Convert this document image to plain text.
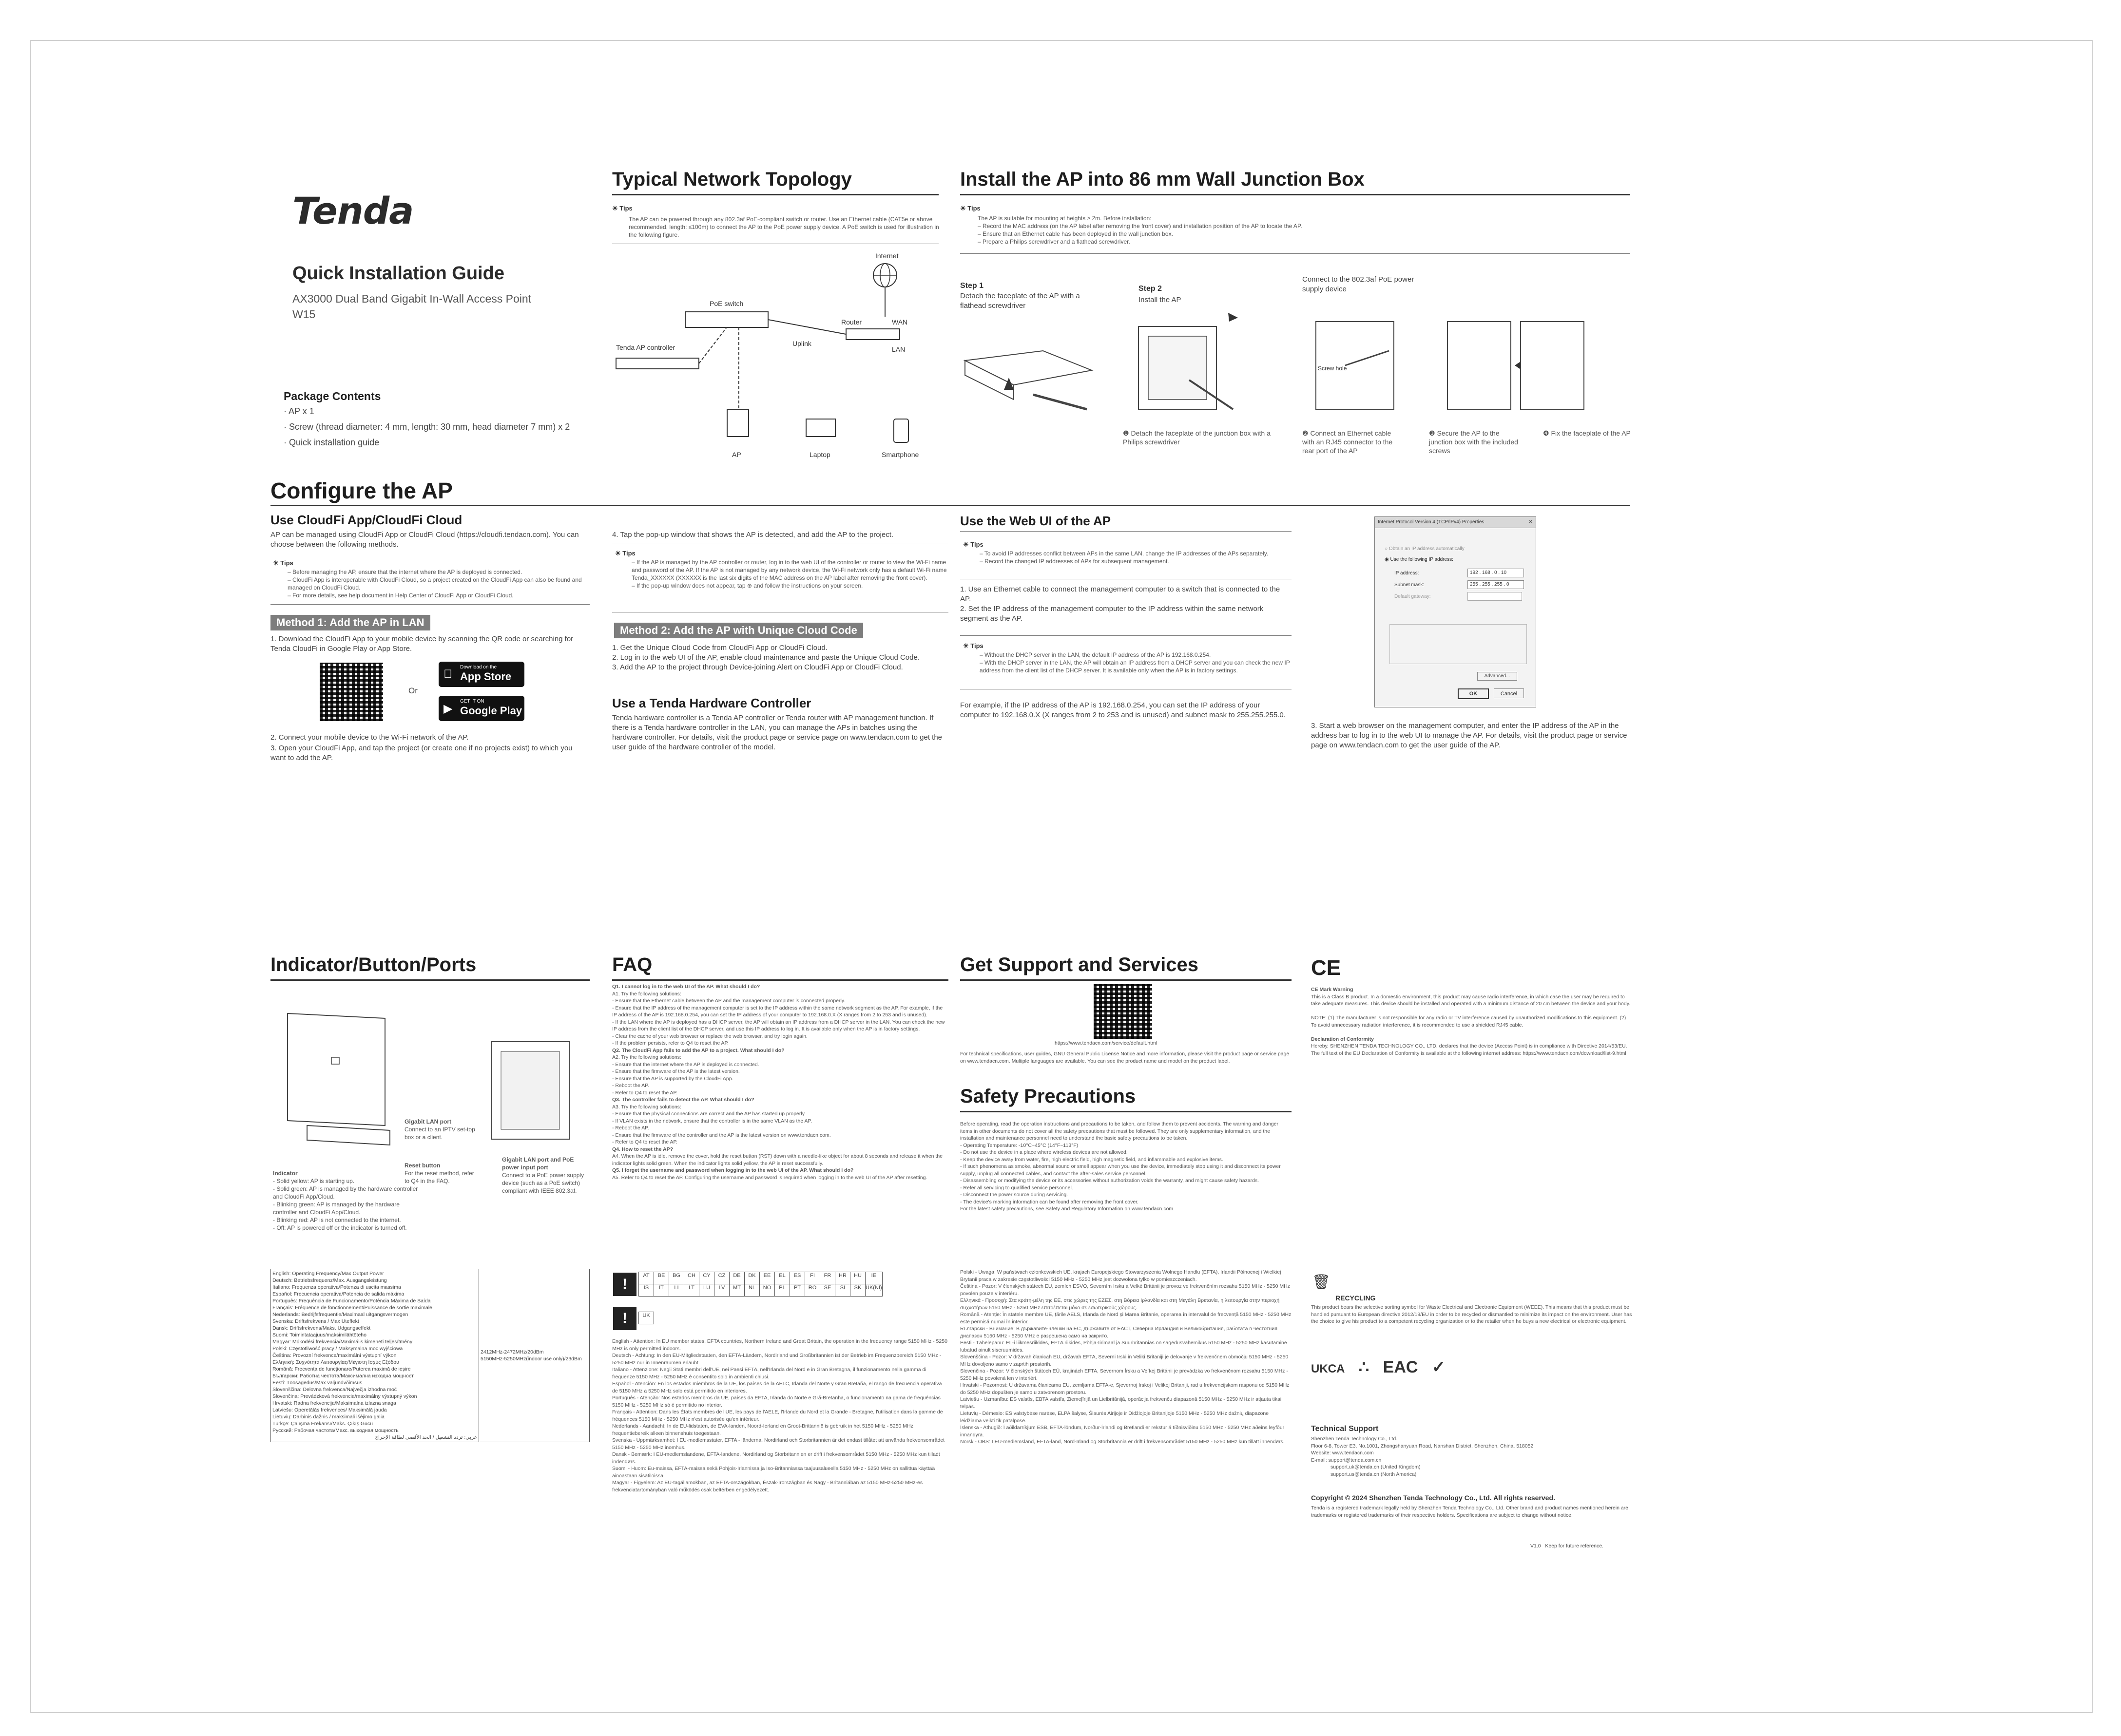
Tenda
Quick Installation Guide
AX3000 Dual Band Gigabit In-Wall Access Point
W15
Package Contents
· AP x 1
· Screw (thread diameter: 4 mm, length: 30 mm, head diameter 7 mm) x 2
· Quick installation guide
Typical Network Topology
☀ Tips
The AP can be powered through any 802.3af PoE-compliant switch or router. Use an Ethernet cable (CAT5e or above recommended, length: ≤100m) to connect the AP to the PoE power supply device. A PoE switch is used for illustration in the following figure.
Internet
PoE switch
Router	WAN
LAN
Uplink
Tenda AP controller
AP	Laptop	Smartphone
Install the AP into 86 mm Wall Junction Box
☀ Tips
The AP is suitable for mounting at heights ≥ 2m. Before installation:
– Record the MAC address (on the AP label after removing the front cover) and installation position of the AP to locate the AP.
– Ensure that an Ethernet cable has been deployed in the wall junction box.
– Prepare a Philips screwdriver and a flathead screwdriver.
Step 1
Detach the faceplate of the AP with a flathead screwdriver
Step 2
Install the AP
Connect to the 802.3af PoE power supply device
Screw hole
❶ Detach the faceplate of the junction box with a Philips screwdriver
❷ Connect an Ethernet cable with an RJ45 connector to the rear port of the AP
❸ Secure the AP to the junction box with the included screws
❹ Fix the faceplate of the AP
Configure the AP
Use CloudFi App/CloudFi Cloud
AP can be managed using CloudFi App or CloudFi Cloud (https://cloudfi.tendacn.com). You can choose between the following methods.
☀ Tips
– Before managing the AP, ensure that the internet where the AP is deployed is connected.
– CloudFi App is interoperable with CloudFi Cloud, so a project created on the CloudFi App can also be found and managed on CloudFi Cloud.
– For more details, see help document in Help Center of CloudFi App or CloudFi Cloud.
Method 1: Add the AP in LAN
1. Download the CloudFi App to your mobile device by scanning the QR code or searching for Tenda CloudFi in Google Play or App Store.
Or
Download on the
App Store
▶
GET IT ON
Google Play
2. Connect your mobile device to the Wi-Fi network of the AP.
3. Open your CloudFi App, and tap the project (or create one if no projects exist) to which you want to add the AP.
4. Tap the pop-up window that shows the AP is detected, and add the AP to the project.
☀ Tips
– If the AP is managed by the AP controller or router, log in to the web UI of the controller or router to view the Wi-Fi name and password of the AP. If the AP is not managed by any network device, the Wi-Fi network only has a default Wi-Fi name Tenda_XXXXXX (XXXXXX is the last six digits of the MAC address on the AP label after removing the front cover).
– If the pop-up window does not appear, tap ⊕ and follow the instructions on your screen.
Method 2: Add the AP with Unique Cloud Code
1. Get the Unique Cloud Code from CloudFi App or CloudFi Cloud.
2. Log in to the web UI of the AP, enable cloud maintenance and paste the Unique Cloud Code.
3. Add the AP to the project through Device-joining Alert on CloudFi App or CloudFi Cloud.
Use a Tenda Hardware Controller
Tenda hardware controller is a Tenda AP controller or Tenda router with AP management function. If there is a Tenda hardware controller in the LAN, you can manage the APs in batches using the hardware controller. For details, visit the product page or service page on www.tendacn.com to get the user guide of the hardware controller of the model.
Use the Web UI of the AP
☀ Tips
– To avoid IP addresses conflict between APs in the same LAN, change the IP addresses of the APs separately.
– Record the changed IP addresses of APs for subsequent management.
1. Use an Ethernet cable to connect the management computer to a switch that is connected to the AP.
2. Set the IP address of the management computer to the IP address within the same network segment as the AP.
☀ Tips
– Without the DHCP server in the LAN, the default IP address of the AP is 192.168.0.254.
– With the DHCP server in the LAN, the AP will obtain an IP address from a DHCP server and you can check the new IP address from the client list of the DHCP server. It is available only when the AP is in factory settings.
For example, if the IP address of the AP is 192.168.0.254, you can set the IP address of your computer to 192.168.0.X (X ranges from 2 to 253 and is unused) and subnet mask to 255.255.255.0.
Internet Protocol Version 4 (TCP/IPv4) Properties	✕
○ Obtain an IP address automatically
◉ Use the following IP address:
IP address:	192 . 168 . 0 . 10
Subnet mask:	255 . 255 . 255 . 0
Default gateway:
Advanced...
OK	Cancel
3. Start a web browser on the management computer, and enter the IP address of the AP in the address bar to log in to the web UI to manage the AP. For details, visit the product page or service page on www.tendacn.com to get the user guide of the AP.
Indicator/Button/Ports
Gigabit LAN port
Connect to an IPTV set-top box or a client.
Reset button
For the reset method, refer to Q4 in the FAQ.
Gigabit LAN port and PoE power input port
Connect to a PoE power supply device (such as a PoE switch) compliant with IEEE 802.3af.
Indicator
- Solid yellow: AP is starting up.
- Solid green: AP is managed by the hardware controller and CloudFi App/Cloud.
- Blinking green: AP is managed by the hardware controller and CloudFi App/Cloud.
- Blinking red: AP is not connected to the internet.
- Off: AP is powered off or the indicator is turned off.
FAQ
Q1. I cannot log in to the web UI of the AP. What should I do?
A1. Try the following solutions:
- Ensure that the Ethernet cable between the AP and the management computer is connected properly.
- Ensure that the IP address of the management computer is set to the IP address within the same network segment as the AP. For example, if the IP address of the AP is 192.168.0.254, you can set the IP address of your computer to 192.168.0.X (X ranges from 2 to 253 and is unused).
- If the LAN where the AP is deployed has a DHCP server, the AP will obtain an IP address from a DHCP server in the LAN. You can check the new IP address from the client list of the DHCP server, and use this IP address to log in. It is available only when the AP is in factory settings.
- Clear the cache of your web browser or replace the web browser, and try login again.
- If the problem persists, refer to Q4 to reset the AP.
Q2. The CloudFi App fails to add the AP to a project. What should I do?
A2. Try the following solutions:
- Ensure that the internet where the AP is deployed is connected.
- Ensure that the firmware of the AP is the latest version.
- Ensure that the AP is supported by the CloudFi App.
- Reboot the AP.
- Refer to Q4 to reset the AP.
Q3. The controller fails to detect the AP. What should I do?
A3. Try the following solutions:
- Ensure that the physical connections are correct and the AP has started up properly.
- If VLAN exists in the network, ensure that the controller is in the same VLAN as the AP.
- Reboot the AP.
- Ensure that the firmware of the controller and the AP is the latest version on www.tendacn.com.
- Refer to Q4 to reset the AP.
Q4. How to reset the AP?
A4. When the AP is idle, remove the cover, hold the reset button (RST) down with a needle-like object for about 8 seconds and release it when the indicator lights solid green. When the indicator lights solid yellow, the AP is reset successfully.
Q5. I forget the username and password when logging in to the web UI of the AP. What should I do?
A5. Refer to Q4 to reset the AP. Configuring the username and password is required when logging in to the web UI of the AP after resetting.
Get Support and Services
https://www.tendacn.com/service/default.html
For technical specifications, user guides, GNU General Public License Notice and more information, please visit the product page or service page on www.tendacn.com. Multiple languages are available. You can see the product name and model on the product label.
Safety Precautions
Before operating, read the operation instructions and precautions to be taken, and follow them to prevent accidents. The warning and danger items in other documents do not cover all the safety precautions that must be followed. They are only supplementary information, and the installation and maintenance personnel need to understand the basic safety precautions to be taken.
- Operating Temperature: -10°C~45°C (14°F~113°F)
- Do not use the device in a place where wireless devices are not allowed.
- Keep the device away from water, fire, high electric field, high magnetic field, and inflammable and explosive items.
- If such phenomena as smoke, abnormal sound or smell appear when you use the device, immediately stop using it and disconnect its power supply, unplug all connected cables, and contact the after-sales service personnel.
- Disassembling or modifying the device or its accessories without authorization voids the warranty, and might cause safety hazards.
- Refer all servicing to qualified service personnel.
- Disconnect the power source during servicing.
- The device's marking information can be found after removing the front cover.
For the latest safety precautions, see Safety and Regulatory Information on www.tendacn.com.
CE
CE Mark Warning
This is a Class B product. In a domestic environment, this product may cause radio interference, in which case the user may be required to take adequate measures. This device should be installed and operated with a minimum distance of 20 cm between the device and your body.

NOTE: (1) The manufacturer is not responsible for any radio or TV interference caused by unauthorized modifications to this equipment. (2) To avoid unnecessary radiation interference, it is recommended to use a shielded RJ45 cable.

Declaration of Conformity
Hereby, SHENZHEN TENDA TECHNOLOGY CO., LTD. declares that the device (Access Point) is in compliance with Directive 2014/53/EU. The full text of the EU Declaration of Conformity is available at the following internet address: https://www.tendacn.com/download/list-9.html
English: Operating Frequency/Max Output Power
Deutsch: Betriebsfrequenz/Max. Ausgangsleistung
Italiano: Frequenza operativa/Potenza di uscita massima
Español: Frecuencia operativa/Potencia de salida máxima
Português: Frequência de Funcionamento/Potência Máxima de Saída
Français: Fréquence de fonctionnement/Puissance de sortie maximale
Nederlands: Bedrijfsfrequentie/Maximaal uitgangsvermogen
Svenska: Driftsfrekvens / Max Uteffekt
Dansk: Driftsfrekvens/Maks. Udgangseffekt
Suomi: Toimintataajuus/maksimilähtöteho
Magyar: Működési frekvencia/Maximális kimeneti teljesítmény
Polski: Częstotliwość pracy / Maksymalna moc wyjściowa
Čeština: Provozní frekvence/maximální výstupní výkon
Ελληνική: Συχνότητα Λειτουργίας/Μέγιστη Ισχύς Εξόδου
Română: Frecvența de funcționare/Puterea maximă de ieșire
Български: Работна честота/Максимална изходна мощност
Eesti: Töösagedus/Max väljundvõimsus
Slovenščina: Delovna frekvenca/Največja izhodna moč
Slovenčina: Prevádzková frekvencia/maximálny výstupný výkon
Hrvatski: Radna frekvencija/Maksimalna izlazna snaga
Latviešu: Operetālās frekvences/ Maksimālā jauda
Lietuvių: Darbinis dažnis / maksimali išėjimo galia
Türkçe: Çalışma Frekansı/Maks. Çıkış Gücü
Русский: Рабочая частота/Макс. выходная мощность
عربي: تردد التشغيل / الحد الأقصى لطاقة الإخراج
	2412MHz-2472MHz/20dBm
5150MHz-5250MHz(indoor use only)/23dBm
!
AT	BE	BG	CH	CY	CZ	DE	DK	EE	EL	ES	FI	FR	HR	HU	IE
IS	IT	LI	LT	LU	LV	MT	NL	NO	PL	PT	RO	SE	SI	SK	UK(NI)
!	UK
English - Attention: In EU member states, EFTA countries, Northern Ireland and Great Britain, the operation in the frequency range 5150 MHz - 5250 MHz is only permitted indoors.
Deutsch - Achtung: In den EU-Mitgliedstaaten, den EFTA-Ländern, Nordirland und Großbritannien ist der Betrieb im Frequenzbereich 5150 MHz - 5250 MHz nur in Innenräumen erlaubt.
Italiano - Attenzione: Negli Stati membri dell'UE, nei Paesi EFTA, nell'Irlanda del Nord e in Gran Bretagna, il funzionamento nella gamma di frequenze 5150 MHz - 5250 MHz è consentito solo in ambienti chiusi.
Español - Atención: En los estados miembros de la UE, los países de la AELC, Irlanda del Norte y Gran Bretaña, el rango de frecuencia operativa de 5150 MHz a 5250 MHz solo está permitido en interiores.
Português - Atenção: Nos estados membros da UE, países da EFTA, Irlanda do Norte e Grã-Bretanha, o funcionamento na gama de frequências 5150 MHz - 5250 MHz só é permitido no interior.
Français - Attention: Dans les États membres de l'UE, les pays de l'AELE, l'Irlande du Nord et la Grande - Bretagne, l'utilisation dans la gamme de fréquences 5150 MHz - 5250 MHz n'est autorisée qu'en intérieur.
Nederlands - Aandacht: In de EU-lidstaten, de EVA-landen, Noord-Ierland en Groot-Brittannië is gebruik in het 5150 MHz - 5250 MHz frequentiebereik alleen binnenshuis toegestaan.
Svenska - Uppmärksamhet: I EU-medlemsstater, EFTA - länderna, Nordirland och Storbritannien är det endast tillåtet att använda frekvensområdet 5150 MHz - 5250 MHz inomhus.
Dansk - Bemærk: I EU-medlemslandene, EFTA-landene, Nordirland og Storbritannien er drift i frekvensområdet 5150 MHz - 5250 MHz kun tilladt indendørs.
Suomi - Huom: Eu-maissa, EFTA-maissa sekä Pohjois-Irlannissa ja Iso-Britanniassa taajuusalueella 5150 MHz - 5250 MHz on sallittua käyttää ainoastaan sisätiloissa.
Magyar - Figyelem: Az EU-tagállamokban, az EFTA-országokban, Észak-Írországban és Nagy - Britanniában az 5150 MHz-5250 MHz-es frekvenciatartományban való működés csak beltérben engedélyezett.
Polski - Uwaga: W państwach członkowskich UE, krajach Europejskiego Stowarzyszenia Wolnego Handlu (EFTA), Irlandii Północnej i Wielkiej Brytanii praca w zakresie częstotliwości 5150 MHz - 5250 MHz jest dozwolona tylko w pomieszczeniach.
Čeština - Pozor: V členských státech EU, zemích ESVO, Severním Irsku a Velké Británii je provoz ve frekvenčním rozsahu 5150 MHz - 5250 MHz povolen pouze v interiéru.
Ελληνικά - Προσοχή: Στα κράτη-μέλη της ΕΕ, στις χώρες της ΕΖΕΣ, στη Βόρεια Ιρλανδία και στη Μεγάλη Βρετανία, η λειτουργία στην περιοχή συχνοτήτων 5150 MHz - 5250 MHz επιτρέπεται μόνο σε εσωτερικούς χώρους.
Română - Atenție: În statele membre UE, țările AELS, Irlanda de Nord și Marea Britanie, operarea în intervalul de frecvență 5150 MHz - 5250 MHz este permisă numai în interior.
Български - Внимание: В държавите-членки на ЕС, държавите от ЕАСТ, Северна Ирландия и Великобритания, работата в честотния диапазон 5150 MHz - 5250 MHz е разрешена само на закрито.
Eesti - Tähelepanu: EL-i liikmesriikides, EFTA riikides, Põhja-Iirimaal ja Suurbritannias on sagedusvahemikus 5150 MHz - 5250 MHz kasutamine lubatud ainult siseruumides.
Slovenščina - Pozor: V državah članicah EU, državah EFTA, Severni Irski in Veliki Britaniji je delovanje v frekvenčnem območju 5150 MHz - 5250 MHz dovoljeno samo v zaprtih prostorih.
Slovenčina - Pozor: V členských štátoch EÚ, krajinách EFTA, Severnom Írsku a Veľkej Británii je prevádzka vo frekvenčnom rozsahu 5150 MHz - 5250 MHz povolená len v interiéri.
Hrvatski - Pozornost: U državama članicama EU, zemljama EFTA-e, Sjevernoj Irskoj i Velikoj Britaniji, rad u frekvencijskom rasponu od 5150 MHz do 5250 MHz dopušten je samo u zatvorenom prostoru.
Latviešu - Uzmanību: ES valstīs, EBTA valstīs, Ziemeļīrijā un Lielbritānijā, operācija frekvenču diapazonā 5150 MHz - 5250 MHz ir atļauta tikai telpās.
Lietuvių - Dėmesio: ES valstybėse narėse, ELPA šalyse, Šiaurės Airijoje ir Didžiojoje Britanijoje 5150 MHz - 5250 MHz dažnių diapazone leidžiama veikti tik patalpose.
Íslenska - Athugið: Í aðildarríkjum ESB, EFTA-löndum, Norður-Írlandi og Bretlandi er rekstur á tíðnisviðinu 5150 MHz - 5250 MHz aðeins leyfður innandyra.
Norsk - OBS: I EU-medlemsland, EFTA-land, Nord-Irland og Storbritannia er drift i frekvensområdet 5150 MHz - 5250 MHz kun tillatt innendørs.
🗑
RECYCLING
This product bears the selective sorting symbol for Waste Electrical and Electronic Equipment (WEEE). This means that this product must be handled pursuant to European directive 2012/19/EU in order to be recycled or dismantled to minimize its impact on the environment. User has the choice to give his product to a competent recycling organization or to the retailer when he buys a new electrical or electronic equipment.
UKCA ∴ EAC ✓
Technical Support
Shenzhen Tenda Technology Co., Ltd.
Floor 6-8, Tower E3, No.1001, Zhongshanyuan Road, Nanshan District, Shenzhen, China. 518052
Website: www.tendacn.com
E-mail: support@tenda.com.cn
support.uk@tenda.cn (United Kingdom)
support.us@tenda.cn (North America)
Copyright © 2024 Shenzhen Tenda Technology Co., Ltd. All rights reserved.
Tenda is a registered trademark legally held by Shenzhen Tenda Technology Co., Ltd. Other brand and product names mentioned herein are trademarks or registered trademarks of their respective holders. Specifications are subject to change without notice.
V1.0   Keep for future reference.
